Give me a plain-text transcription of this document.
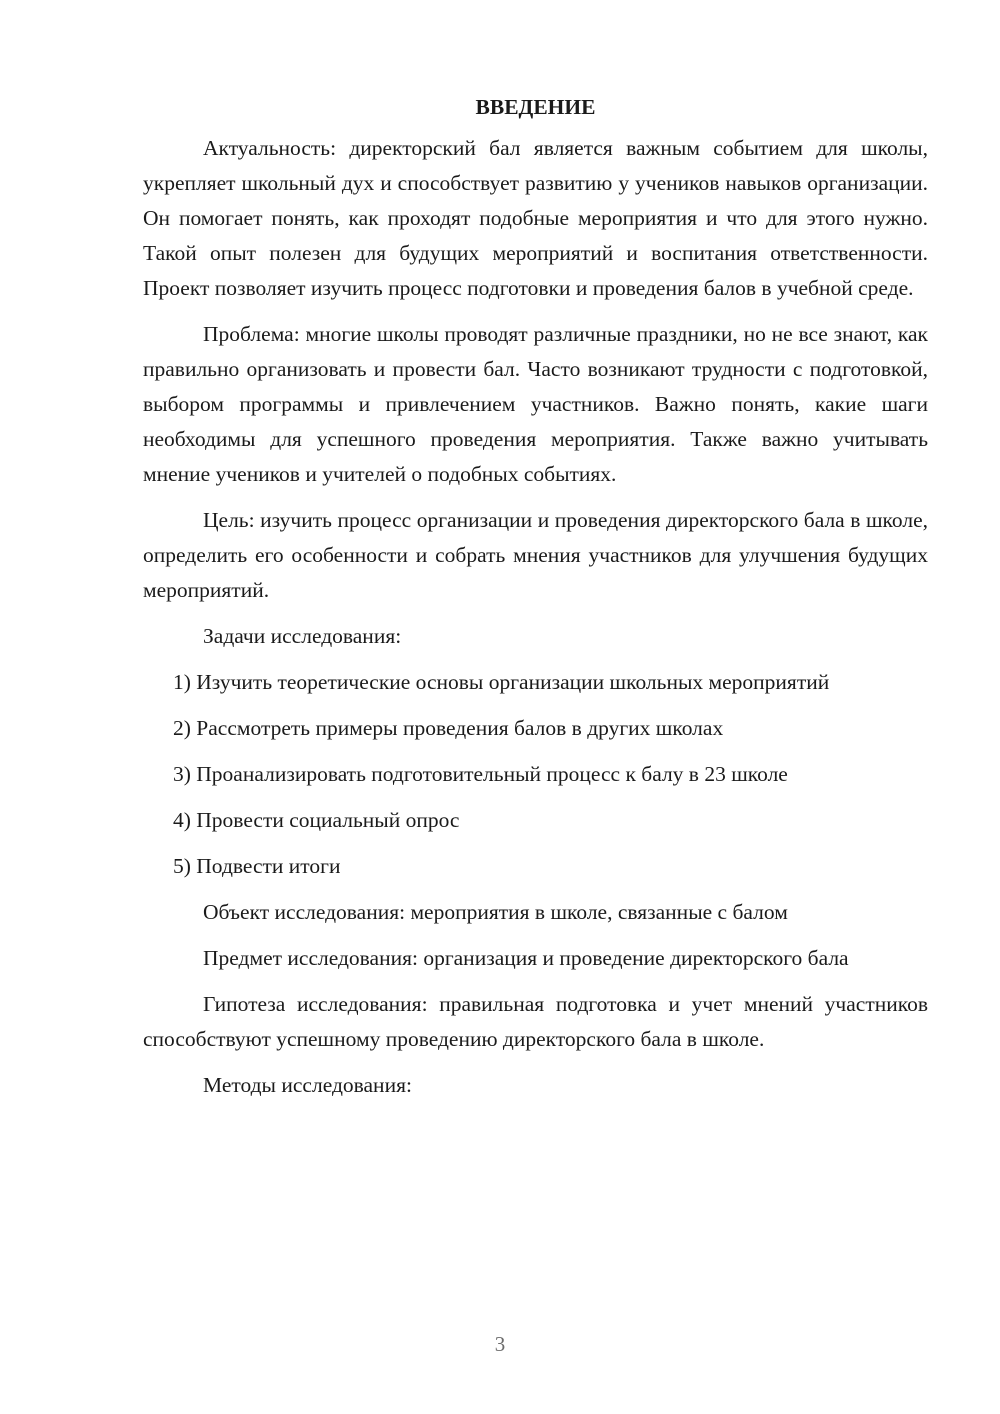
ВВЕДЕНИЕ

Актуальность: директорский бал является важным событием для школы, укрепляет школьный дух и способствует развитию у учеников навыков организации. Он помогает понять, как проходят подобные мероприятия и что для этого нужно. Такой опыт полезен для будущих мероприятий и воспитания ответственности. Проект позволяет изучить процесс подготовки и проведения балов в учебной среде.

Проблема: многие школы проводят различные праздники, но не все знают, как правильно организовать и провести бал. Часто возникают трудности с подготовкой, выбором программы и привлечением участников. Важно понять, какие шаги необходимы для успешного проведения мероприятия. Также важно учитывать мнение учеников и учителей о подобных событиях.

Цель: изучить процесс организации и проведения директорского бала в школе, определить его особенности и собрать мнения участников для улучшения будущих мероприятий.

Задачи исследования:

1) Изучить теоретические основы организации школьных мероприятий

2) Рассмотреть примеры проведения балов в других школах

3) Проанализировать подготовительный процесс к балу в 23 школе

4) Провести социальный опрос

5) Подвести итоги

Объект исследования: мероприятия в школе, связанные с балом

Предмет исследования: организация и проведение директорского бала

Гипотеза исследования: правильная подготовка и учет мнений участников способствуют успешному проведению директорского бала в школе.

Методы исследования:

3
